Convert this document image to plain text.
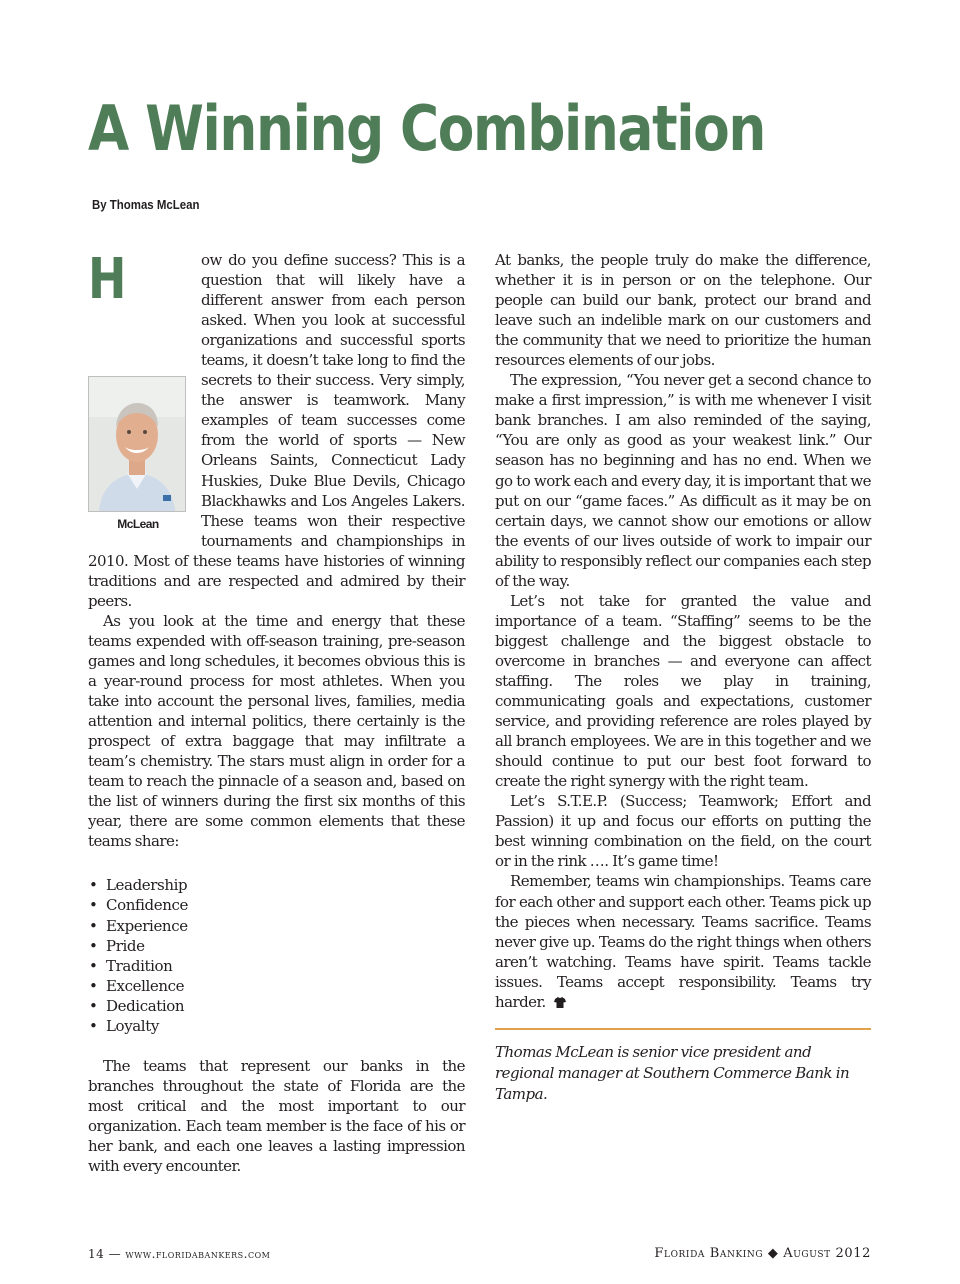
A Winning Combination
By Thomas McLean

H
McLean
ow do you define success? This is a question that will likely have a different answer from each person asked. When you look at successful organizations and successful sports teams, it doesn’t take long to find the secrets to their success. Very simply, the answer is teamwork. Many examples of team successes come from the world of sports — New Orleans Saints, Connecticut Lady Huskies, Duke Blue Devils, Chicago Blackhawks and Los Angeles Lakers. These teams won their respective tournaments and championships in 2010. Most of these teams have histories of winning traditions and are respected and admired by their peers.

As you look at the time and energy that these teams expended with off-season training, pre-season games and long schedules, it becomes obvious this is a year-round process for most athletes. When you take into account the personal lives, families, media attention and internal politics, there certainly is the prospect of extra baggage that may infiltrate a team’s chemistry. The stars must align in order for a team to reach the pinnacle of a season and, based on the list of winners during the first six months of this year, there are some common elements that these teams share:

• Leadership
• Confidence
• Experience
• Pride
• Tradition
• Excellence
• Dedication
• Loyalty

The teams that represent our banks in the branches throughout the state of Florida are the most critical and the most important to our organization. Each team member is the face of his or her bank, and each one leaves a lasting impression with every encounter.

At banks, the people truly do make the difference, whether it is in person or on the telephone. Our people can build our bank, protect our brand and leave such an indelible mark on our customers and the community that we need to prioritize the human resources elements of our jobs.

The expression, “You never get a second chance to make a first impression,” is with me whenever I visit bank branches. I am also reminded of the saying, “You are only as good as your weakest link.” Our season has no beginning and has no end. When we go to work each and every day, it is important that we put on our “game faces.” As difficult as it may be on certain days, we cannot show our emotions or allow the events of our lives outside of work to impair our ability to responsibly reflect our companies each step of the way.

Let’s not take for granted the value and importance of a team. “Staffing” seems to be the biggest challenge and the biggest obstacle to overcome in branches — and everyone can affect staffing. The roles we play in training, communicating goals and expectations, customer service, and providing reference are roles played by all branch employees. We are in this together and we should continue to put our best foot forward to create the right synergy with the right team.

Let’s S.T.E.P. (Success; Teamwork; Effort and Passion) it up and focus our efforts on putting the best winning combination on the field, on the court or in the rink …. It’s game time!

Remember, teams win championships. Teams care for each other and support each other. Teams pick up the pieces when necessary. Teams sacrifice. Teams never give up. Teams do the right things when others aren’t watching. Teams have spirit. Teams tackle issues. Teams accept responsibility. Teams try harder.

Thomas McLean is senior vice president and regional manager at Southern Commerce Bank in Tampa.

14 — www.floridabankers.com	Florida Banking ◆ August 2012
